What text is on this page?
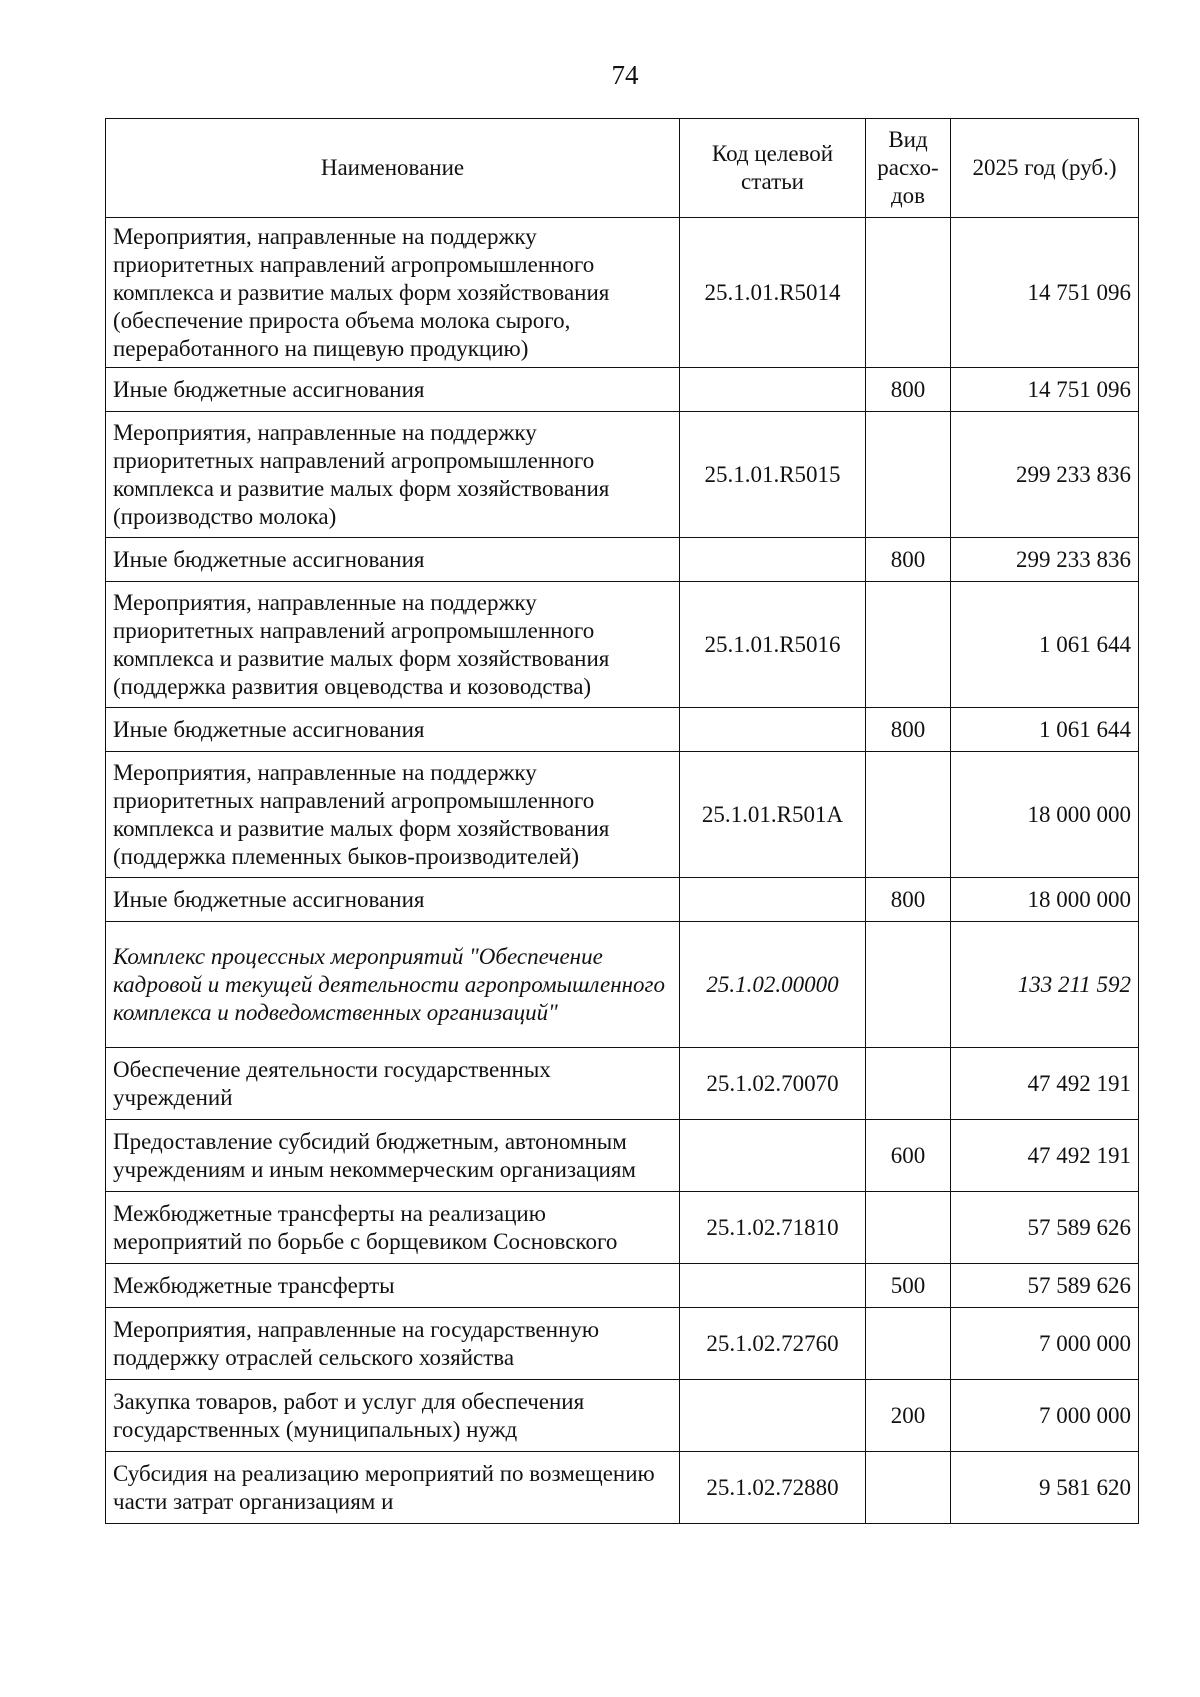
74
Наименование	Код целевой статьи	Вид расхо-дов	2025 год (руб.)
Мероприятия, направленные на поддержку приоритетных направлений агропромышленного комплекса и развитие малых форм хозяйствования (обеспечение прироста объема молока сырого, переработанного на пищевую продукцию)	25.1.01.R5014		14 751 096
Иные бюджетные ассигнования		800	14 751 096
Мероприятия, направленные на поддержку приоритетных направлений агропромышленного комплекса и развитие малых форм хозяйствования (производство молока)	25.1.01.R5015		299 233 836
Иные бюджетные ассигнования		800	299 233 836
Мероприятия, направленные на поддержку приоритетных направлений агропромышленного комплекса и развитие малых форм хозяйствования (поддержка развития овцеводства и козоводства)	25.1.01.R5016		1 061 644
Иные бюджетные ассигнования		800	1 061 644
Мероприятия, направленные на поддержку приоритетных направлений агропромышленного комплекса и развитие малых форм хозяйствования (поддержка племенных быков-производителей)	25.1.01.R501A		18 000 000
Иные бюджетные ассигнования		800	18 000 000
Комплекс процессных мероприятий "Обеспечение кадровой и текущей деятельности агропромышленного комплекса и подведомственных организаций"	25.1.02.00000		133 211 592
Обеспечение деятельности государственных учреждений	25.1.02.70070		47 492 191
Предоставление субсидий бюджетным, автономным учреждениям и иным некоммерческим организациям		600	47 492 191
Межбюджетные трансферты на реализацию мероприятий по борьбе с борщевиком Сосновского	25.1.02.71810		57 589 626
Межбюджетные трансферты		500	57 589 626
Мероприятия, направленные на государственную поддержку отраслей сельского хозяйства	25.1.02.72760		7 000 000
Закупка товаров, работ и услуг для обеспечения государственных (муниципальных) нужд		200	7 000 000
Субсидия на реализацию мероприятий по возмещению части затрат организациям и	25.1.02.72880		9 581 620
